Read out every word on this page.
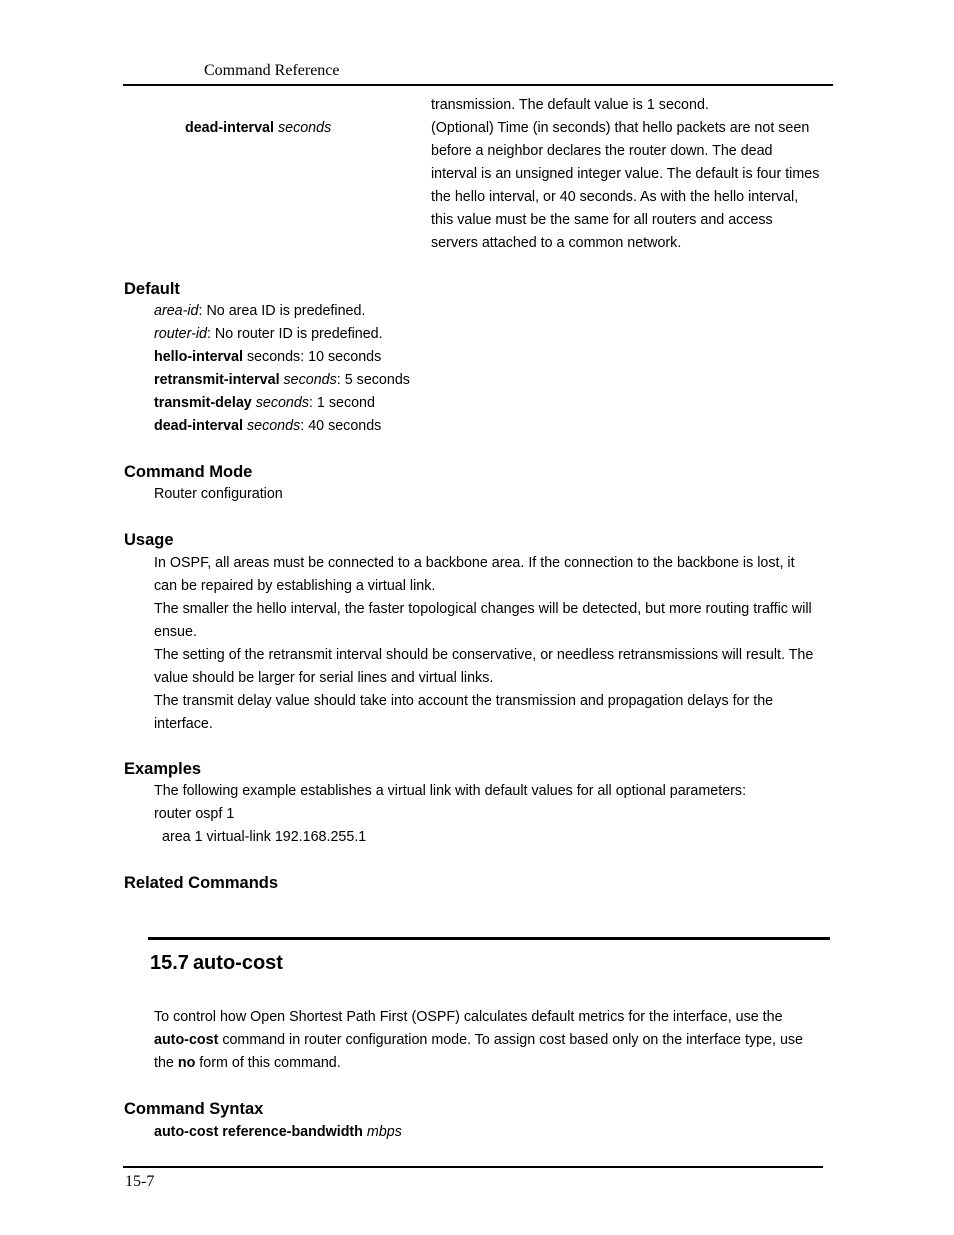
Command Reference
transmission. The default value is 1 second.
(Optional) Time (in seconds) that hello packets are not seen
before a neighbor declares the router down. The dead
interval is an unsigned integer value. The default is four times
the hello interval, or 40 seconds. As with the hello interval,
this value must be the same for all routers and access
servers attached to a common network.
dead-interval seconds
Default
area-id: No area ID is predefined.
router-id: No router ID is predefined.
hello-interval seconds: 10 seconds
retransmit-interval seconds: 5 seconds
transmit-delay seconds: 1 second
dead-interval seconds: 40 seconds
Command Mode
Router configuration
Usage
In OSPF, all areas must be connected to a backbone area. If the connection to the backbone is lost, it
can be repaired by establishing a virtual link.
The smaller the hello interval, the faster topological changes will be detected, but more routing traffic will
ensue.
The setting of the retransmit interval should be conservative, or needless retransmissions will result. The
value should be larger for serial lines and virtual links.
The transmit delay value should take into account the transmission and propagation delays for the
interface.
Examples
The following example establishes a virtual link with default values for all optional parameters:
router ospf 1
area 1 virtual-link 192.168.255.1
Related Commands
15.7 auto-cost
To control how Open Shortest Path First (OSPF) calculates default metrics for the interface, use the
auto-cost command in router configuration mode. To assign cost based only on the interface type, use
the no form of this command.
Command Syntax
auto-cost reference-bandwidth mbps
15-7
